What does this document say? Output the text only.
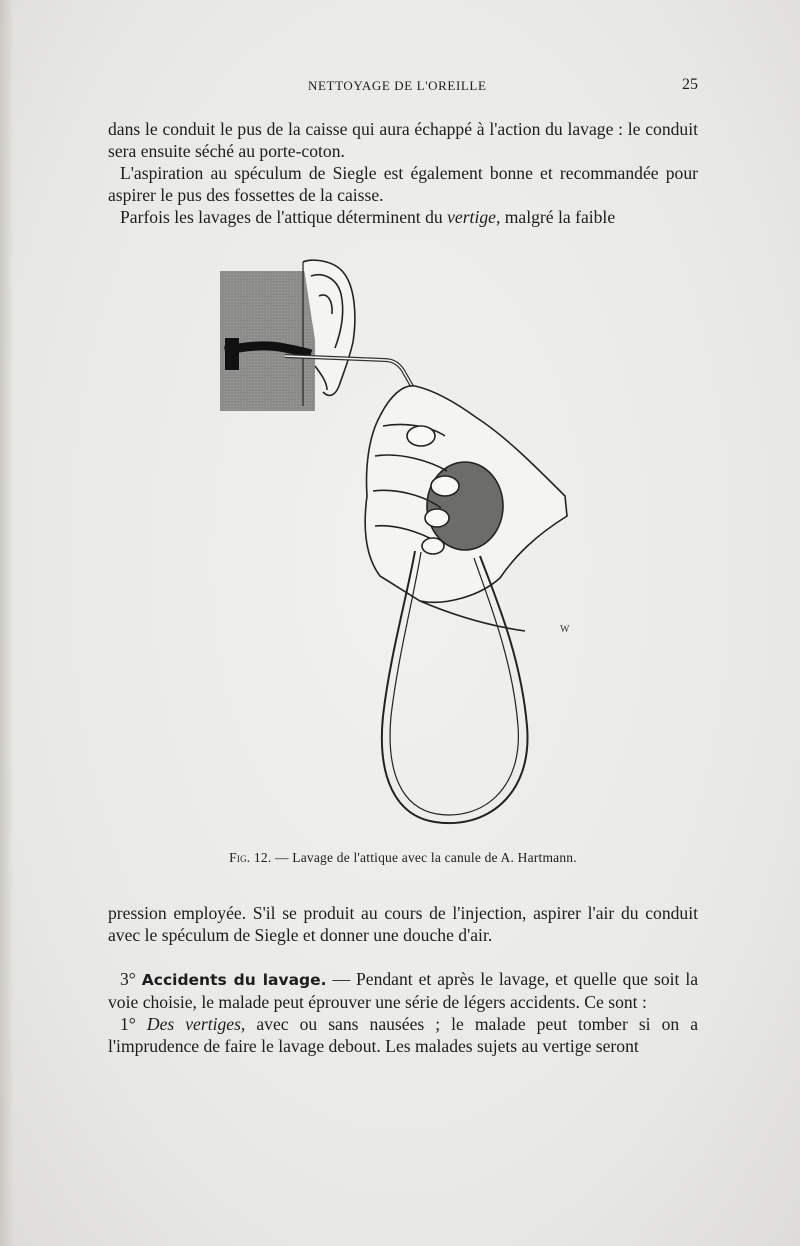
NETTOYAGE DE L'OREILLE	25

dans le conduit le pus de la caisse qui aura échappé à l'action du lavage : le conduit sera ensuite séché au porte-coton.

L'aspiration au spéculum de Siegle est également bonne et recommandée pour aspirer le pus des fossettes de la caisse.

Parfois les lavages de l'attique déterminent du vertige, malgré la faible

W
Fig. 12. — Lavage de l'attique avec la canule de A. Hartmann.

pression employée. S'il se produit au cours de l'injection, aspirer l'air du conduit avec le spéculum de Siegle et donner une douche d'air.

3° Accidents du lavage. — Pendant et après le lavage, et quelle que soit la voie choisie, le malade peut éprouver une série de légers accidents. Ce sont :

1° Des vertiges, avec ou sans nausées ; le malade peut tomber si on a l'imprudence de faire le lavage debout. Les malades sujets au vertige seront
